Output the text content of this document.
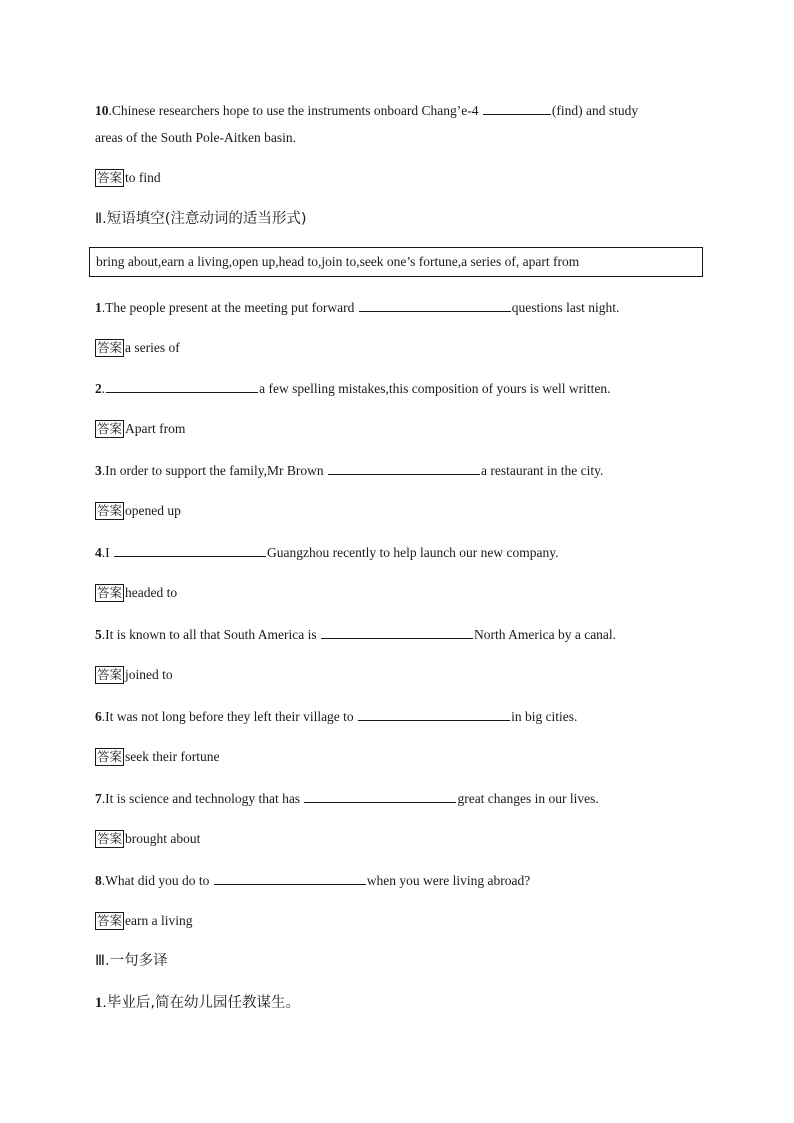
10.Chinese researchers hope to use the instruments onboard Chang’e-4	(find) and study
areas of the South Pole-Aitken basin.
答案 to find
Ⅱ.短语填空(注意动词的适当形式)
bring about,earn a living,open up,head to,join to,seek one’s fortune,a series of, apart from
1.The people present at the meeting put forward	questions last night.
答案 a series of
2.	a few spelling mistakes,this composition of yours is well written.
答案 Apart from
3.In order to support the family,Mr Brown	a restaurant in the city.
答案 opened up
4.I	Guangzhou recently to help launch our new company.
答案 headed to
5.It is known to all that South America is	North America by a canal.
答案 joined to
6.It was not long before they left their village to	in big cities.
答案 seek their fortune
7.It is science and technology that has	great changes in our lives.
答案 brought about
8.What did you do to	when you were living abroad?
答案 earn a living
Ⅲ.一句多译
1.毕业后,简在幼儿园任教谋生。
